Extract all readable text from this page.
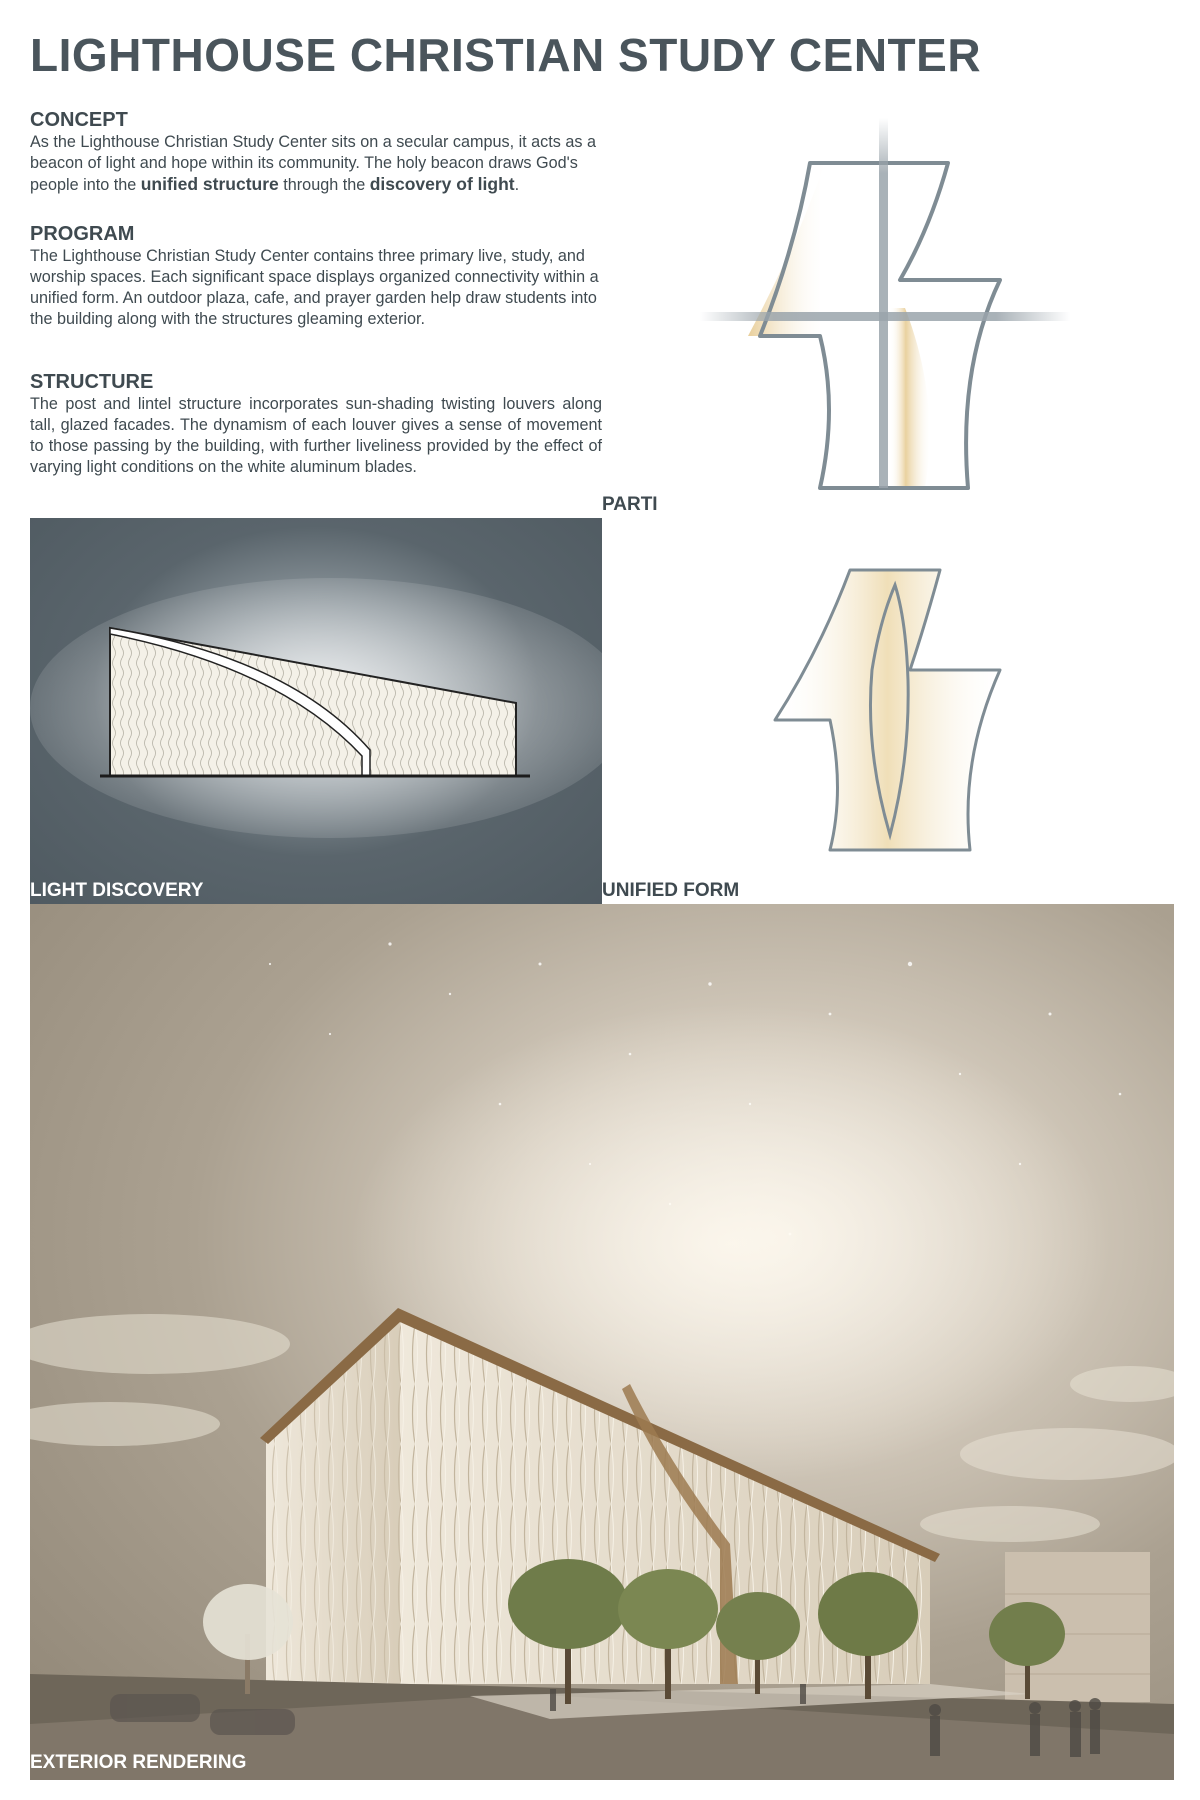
LIGHTHOUSE CHRISTIAN STUDY CENTER
CONCEPT

As the Lighthouse Christian Study Center sits on a secular campus, it acts as a beacon of light and hope within its community. The holy beacon draws God's people into the unified structure through the discovery of light.

PROGRAM

The Lighthouse Christian Study Center contains three primary live, study, and worship spaces. Each significant space displays organized connectivity within a unified form. An outdoor plaza, cafe, and prayer garden help draw students into the building along with the structures gleaming exterior.

STRUCTURE

The post and lintel structure incorporates sun-shading twisting louvers along tall, glazed facades. The dynamism of each louver gives a sense of movement to those passing by the building, with further liveliness provided by the effect of varying light conditions on the white aluminum blades.

PARTI

LIGHT DISCOVERY	UNIFIED FORM

EXTERIOR RENDERING
